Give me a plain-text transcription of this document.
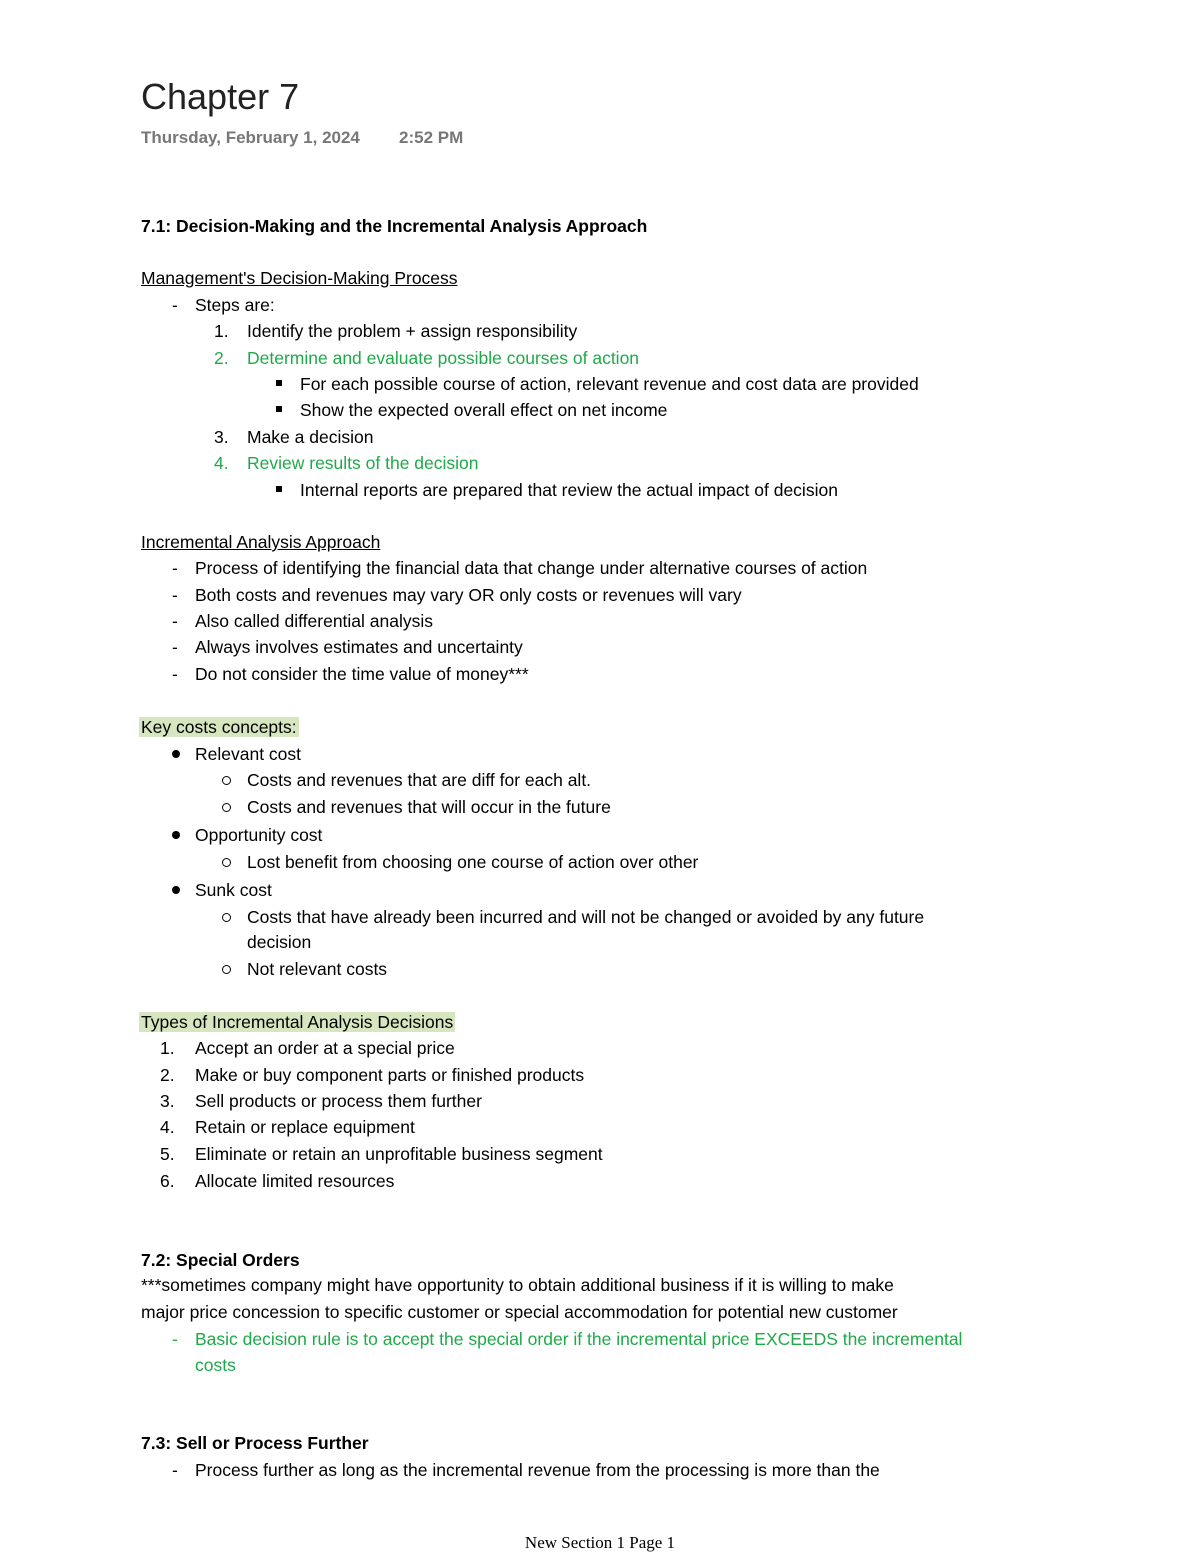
Chapter 7
Thursday, February 1, 2024 2:52 PM
7.1: Decision-Making and the Incremental Analysis Approach
Management's Decision-Making Process
- Steps are:
1. Identify the problem + assign responsibility
2. Determine and evaluate possible courses of action
For each possible course of action, relevant revenue and cost data are provided
Show the expected overall effect on net income
3. Make a decision
4. Review results of the decision
Internal reports are prepared that review the actual impact of decision
Incremental Analysis Approach
- Process of identifying the financial data that change under alternative courses of action
- Both costs and revenues may vary OR only costs or revenues will vary
- Also called differential analysis
- Always involves estimates and uncertainty
- Do not consider the time value of money***
Key costs concepts:
Relevant cost
Costs and revenues that are diff for each alt.
Costs and revenues that will occur in the future
Opportunity cost
Lost benefit from choosing one course of action over other
Sunk cost
Costs that have already been incurred and will not be changed or avoided by any future
decision
Not relevant costs
Types of Incremental Analysis Decisions
1. Accept an order at a special price
2. Make or buy component parts or finished products
3. Sell products or process them further
4. Retain or replace equipment
5. Eliminate or retain an unprofitable business segment
6. Allocate limited resources
7.2: Special Orders
***sometimes company might have opportunity to obtain additional business if it is willing to make
major price concession to specific customer or special accommodation for potential new customer
- Basic decision rule is to accept the special order if the incremental price EXCEEDS the incremental
costs
7.3: Sell or Process Further
- Process further as long as the incremental revenue from the processing is more than the
New Section 1 Page 1
